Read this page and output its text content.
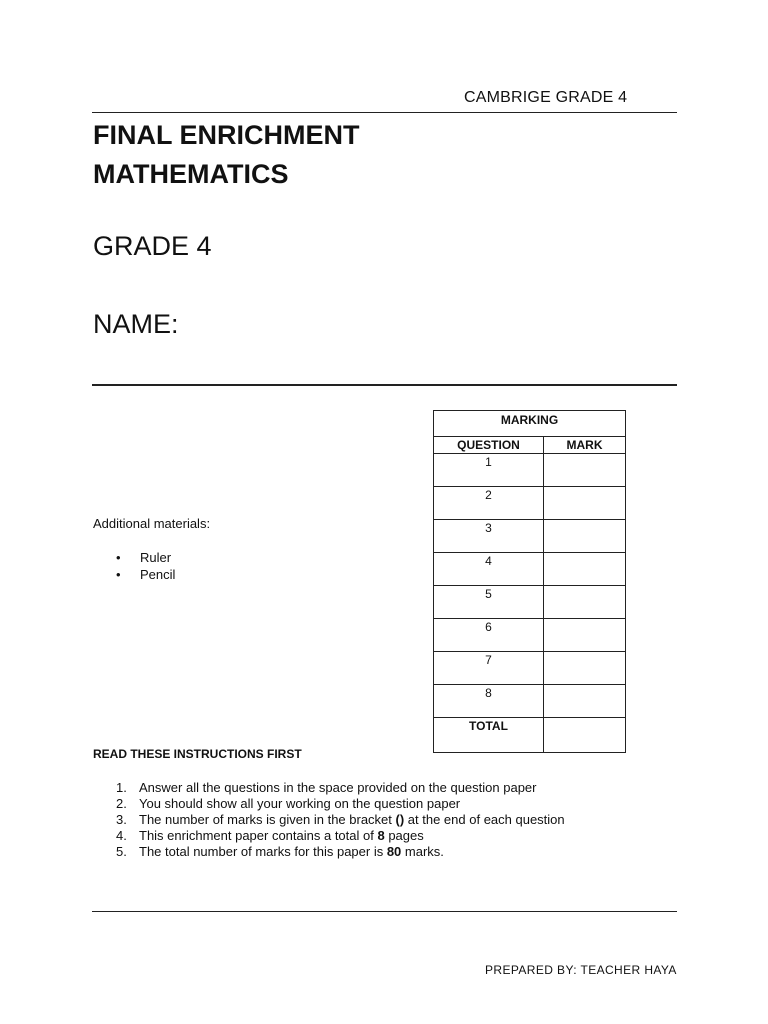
CAMBRIGE GRADE 4
FINAL ENRICHMENT
MATHEMATICS
GRADE 4
NAME:
Additional materials:
• Ruler
• Pencil
MARKING
QUESTION	MARK
1
2
3
4
5
6
7
8
TOTAL
READ THESE INSTRUCTIONS FIRST
1. Answer all the questions in the space provided on the question paper
2. You should show all your working on the question paper
3. The number of marks is given in the bracket () at the end of each question
4. This enrichment paper contains a total of 8 pages
5. The total number of marks for this paper is 80 marks.
PREPARED BY: TEACHER HAYA
